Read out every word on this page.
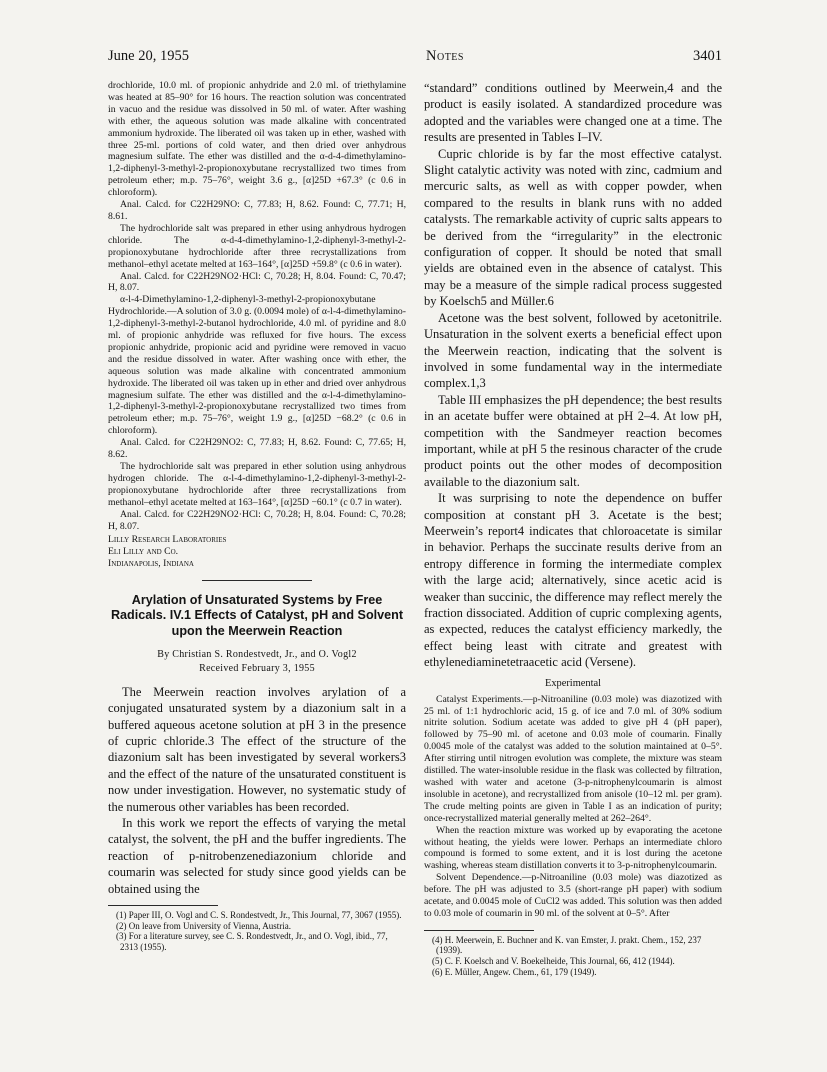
June 20, 1955	Notes	3401

drochloride, 10.0 ml. of propionic anhydride and 2.0 ml. of triethylamine was heated at 85–90° for 16 hours. The reaction solution was concentrated in vacuo and the residue was dissolved in 50 ml. of water. After washing with ether, the aqueous solution was made alkaline with concentrated ammonium hydroxide. The liberated oil was taken up in ether, washed with three 25-ml. portions of cold water, and then dried over anhydrous magnesium sulfate. The ether was distilled and the α-d-4-dimethylamino-1,2-diphenyl-3-methyl-2-propionoxybutane recrystallized two times from petroleum ether; m.p. 75–76°, weight 3.6 g., [α]25D +67.3° (c 0.6 in chloroform).

Anal. Calcd. for C22H29NO: C, 77.83; H, 8.62. Found: C, 77.71; H, 8.61.

The hydrochloride salt was prepared in ether using anhydrous hydrogen chloride. The α-d-4-dimethylamino-1,2-diphenyl-3-methyl-2-propionoxybutane hydrochloride after three recrystallizations from methanol–ethyl acetate melted at 163–164°, [α]25D +59.8° (c 0.6 in water).

Anal. Calcd. for C22H29NO2·HCl: C, 70.28; H, 8.04. Found: C, 70.47; H, 8.07.

α-l-4-Dimethylamino-1,2-diphenyl-3-methyl-2-propionoxybutane Hydrochloride.—A solution of 3.0 g. (0.0094 mole) of α-l-4-dimethylamino-1,2-diphenyl-3-methyl-2-butanol hydrochloride, 4.0 ml. of pyridine and 8.0 ml. of propionic anhydride was refluxed for five hours. The excess propionic anhydride, propionic acid and pyridine were removed in vacuo and the residue dissolved in water. After washing once with ether, the aqueous solution was made alkaline with concentrated ammonium hydroxide. The liberated oil was taken up in ether and dried over anhydrous magnesium sulfate. The ether was distilled and the α-l-4-dimethylamino-1,2-diphenyl-3-methyl-2-propionoxybutane recrystallized two times from petroleum ether; m.p. 75–76°, weight 1.9 g., [α]25D −68.2° (c 0.6 in chloroform).

Anal. Calcd. for C22H29NO2: C, 77.83; H, 8.62. Found: C, 77.65; H, 8.62.

The hydrochloride salt was prepared in ether solution using anhydrous hydrogen chloride. The α-l-4-dimethylamino-1,2-diphenyl-3-methyl-2-propionoxybutane hydrochloride after three recrystallizations from methanol–ethyl acetate melted at 163–164°, [α]25D −60.1° (c 0.7 in water).

Anal. Calcd. for C22H29NO2·HCl: C, 70.28; H, 8.04. Found: C, 70.28; H, 8.07.

Lilly Research Laboratories

Eli Lilly and Co.

Indianapolis, Indiana

Arylation of Unsaturated Systems by Free Radicals. IV.1 Effects of Catalyst, pH and Solvent upon the Meerwein Reaction

By Christian S. Rondestvedt, Jr., and O. Vogl2

Received February 3, 1955

The Meerwein reaction involves arylation of a conjugated unsaturated system by a diazonium salt in a buffered aqueous acetone solution at pH 3 in the presence of cupric chloride.3 The effect of the structure of the diazonium salt has been investigated by several workers3 and the effect of the nature of the unsaturated constituent is now under investigation. However, no systematic study of the numerous other variables has been recorded.

In this work we report the effects of varying the metal catalyst, the solvent, the pH and the buffer ingredients. The reaction of p-nitrobenzenediazonium chloride and coumarin was selected for study since good yields can be obtained using the

(1) Paper III, O. Vogl and C. S. Rondestvedt, Jr., This Journal, 77, 3067 (1955).

(2) On leave from University of Vienna, Austria.

(3) For a literature survey, see C. S. Rondestvedt, Jr., and O. Vogl, ibid., 77, 2313 (1955).

“standard” conditions outlined by Meerwein,4 and the product is easily isolated. A standardized procedure was adopted and the variables were changed one at a time. The results are presented in Tables I–IV.

Cupric chloride is by far the most effective catalyst. Slight catalytic activity was noted with zinc, cadmium and mercuric salts, as well as with copper powder, when compared to the results in blank runs with no added catalysts. The remarkable activity of cupric salts appears to be derived from the “irregularity” in the electronic configuration of copper. It should be noted that small yields are obtained even in the absence of catalyst. This may be a measure of the simple radical process suggested by Koelsch5 and Müller.6

Acetone was the best solvent, followed by acetonitrile. Unsaturation in the solvent exerts a beneficial effect upon the Meerwein reaction, indicating that the solvent is involved in some fundamental way in the intermediate complex.1,3

Table III emphasizes the pH dependence; the best results in an acetate buffer were obtained at pH 2–4. At low pH, competition with the Sandmeyer reaction becomes important, while at pH 5 the resinous character of the crude product points out the other modes of decomposition available to the diazonium salt.

It was surprising to note the dependence on buffer composition at constant pH 3. Acetate is the best; Meerwein’s report4 indicates that chloroacetate is similar in behavior. Perhaps the succinate results derive from an entropy difference in forming the intermediate complex with the large acid; alternatively, since acetic acid is weaker than succinic, the difference may reflect merely the fraction dissociated. Addition of cupric complexing agents, as expected, reduces the catalyst efficiency markedly, the effect being least with citrate and greatest with ethylenediaminetetraacetic acid (Versene).

Experimental

Catalyst Experiments.—p-Nitroaniline (0.03 mole) was diazotized with 25 ml. of 1:1 hydrochloric acid, 15 g. of ice and 7.0 ml. of 30% sodium nitrite solution. Sodium acetate was added to give pH 4 (pH paper), followed by 75–90 ml. of acetone and 0.03 mole of coumarin. Finally 0.0045 mole of the catalyst was added to the solution maintained at 0–5°. After stirring until nitrogen evolution was complete, the mixture was steam distilled. The water-insoluble residue in the flask was collected by filtration, washed with water and acetone (3-p-nitrophenylcoumarin is almost insoluble in acetone), and recrystallized from anisole (10–12 ml. per gram). The crude melting points are given in Table I as an indication of purity; once-recrystallized material generally melted at 262–264°.

When the reaction mixture was worked up by evaporating the acetone without heating, the yields were lower. Perhaps an intermediate chloro compound is formed to some extent, and it is lost during the acetone washing, whereas steam distillation converts it to 3-p-nitrophenylcoumarin.

Solvent Dependence.—p-Nitroaniline (0.03 mole) was diazotized as before. The pH was adjusted to 3.5 (short-range pH paper) with sodium acetate, and 0.0045 mole of CuCl2 was added. This solution was then added to 0.03 mole of coumarin in 90 ml. of the solvent at 0–5°. After

(4) H. Meerwein, E. Buchner and K. van Emster, J. prakt. Chem., 152, 237 (1939).

(5) C. F. Koelsch and V. Boekelheide, This Journal, 66, 412 (1944).

(6) E. Müller, Angew. Chem., 61, 179 (1949).
